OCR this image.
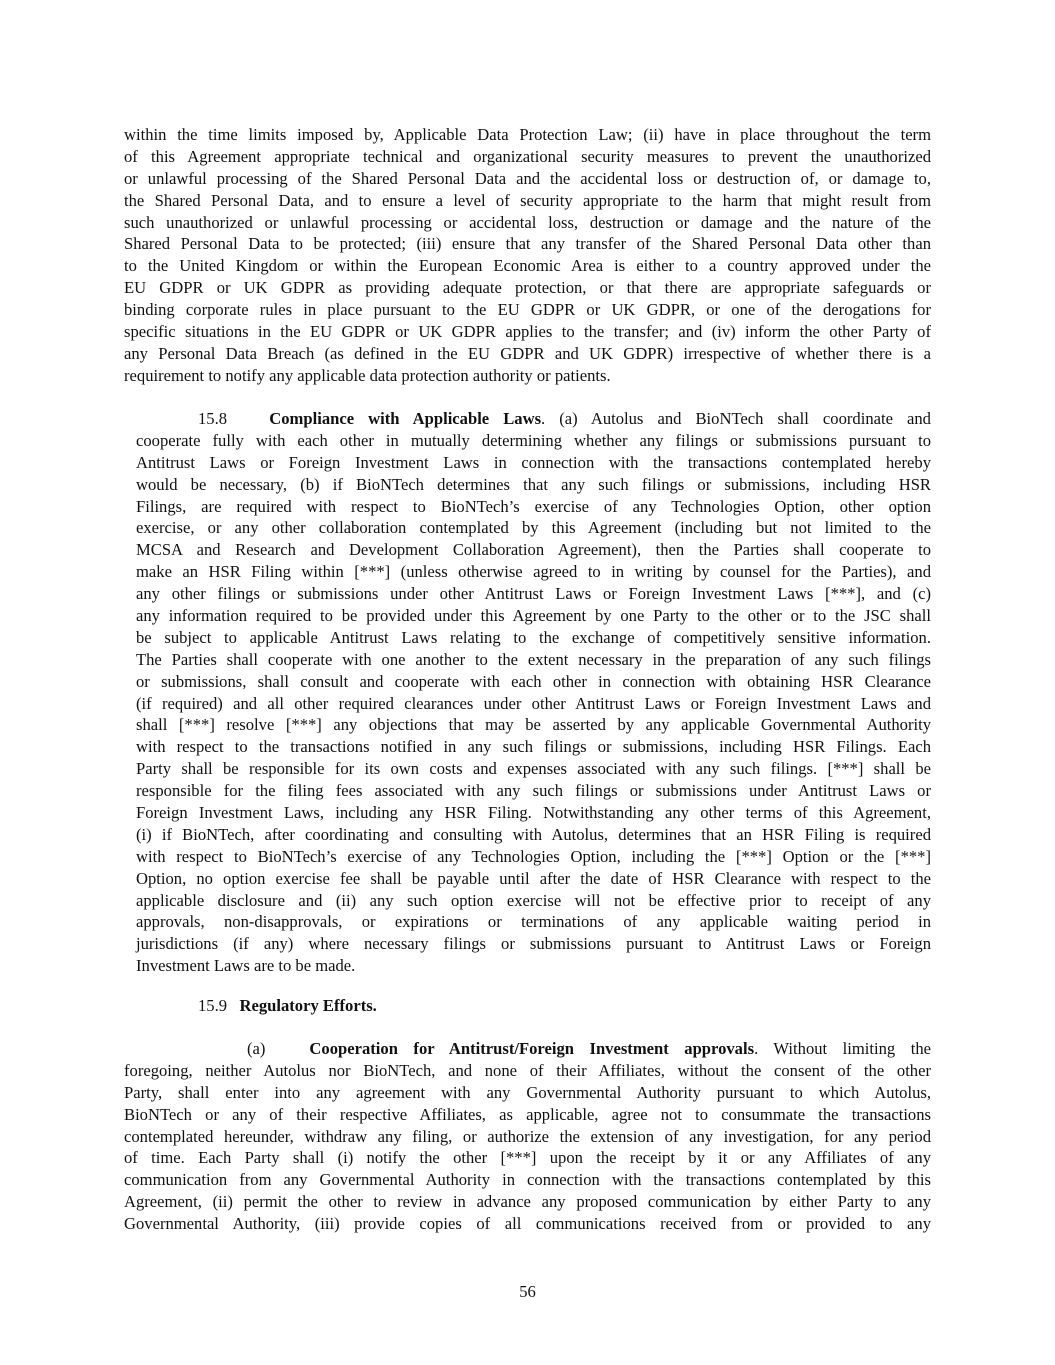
within the time limits imposed by, Applicable Data Protection Law; (ii) have in place throughout the term
of this Agreement appropriate technical and organizational security measures to prevent the unauthorized
or unlawful processing of the Shared Personal Data and the accidental loss or destruction of, or damage to,
the Shared Personal Data, and to ensure a level of security appropriate to the harm that might result from
such unauthorized or unlawful processing or accidental loss, destruction or damage and the nature of the
Shared Personal Data to be protected; (iii) ensure that any transfer of the Shared Personal Data other than
to the United Kingdom or within the European Economic Area is either to a country approved under the
EU GDPR or UK GDPR as providing adequate protection, or that there are appropriate safeguards or
binding corporate rules in place pursuant to the EU GDPR or UK GDPR, or one of the derogations for
specific situations in the EU GDPR or UK GDPR applies to the transfer; and (iv) inform the other Party of
any Personal Data Breach (as defined in the EU GDPR and UK GDPR) irrespective of whether there is a
requirement to notify any applicable data protection authority or patients.
15.8	Compliance with Applicable Laws. (a) Autolus and BioNTech shall coordinate and
cooperate fully with each other in mutually determining whether any filings or submissions pursuant to
Antitrust Laws or Foreign Investment Laws in connection with the transactions contemplated hereby
would be necessary, (b) if BioNTech determines that any such filings or submissions, including HSR
Filings, are required with respect to BioNTech’s exercise of any Technologies Option, other option
exercise, or any other collaboration contemplated by this Agreement (including but not limited to the
MCSA and Research and Development Collaboration Agreement), then the Parties shall cooperate to
make an HSR Filing within [***] (unless otherwise agreed to in writing by counsel for the Parties), and
any other filings or submissions under other Antitrust Laws or Foreign Investment Laws [***], and (c)
any information required to be provided under this Agreement by one Party to the other or to the JSC shall
be subject to applicable Antitrust Laws relating to the exchange of competitively sensitive information.
The Parties shall cooperate with one another to the extent necessary in the preparation of any such filings
or submissions, shall consult and cooperate with each other in connection with obtaining HSR Clearance
(if required) and all other required clearances under other Antitrust Laws or Foreign Investment Laws and
shall [***] resolve [***] any objections that may be asserted by any applicable Governmental Authority
with respect to the transactions notified in any such filings or submissions, including HSR Filings. Each
Party shall be responsible for its own costs and expenses associated with any such filings. [***] shall be
responsible for the filing fees associated with any such filings or submissions under Antitrust Laws or
Foreign Investment Laws, including any HSR Filing. Notwithstanding any other terms of this Agreement,
(i) if BioNTech, after coordinating and consulting with Autolus, determines that an HSR Filing is required
with respect to BioNTech’s exercise of any Technologies Option, including the [***] Option or the [***]
Option, no option exercise fee shall be payable until after the date of HSR Clearance with respect to the
applicable disclosure and (ii) any such option exercise will not be effective prior to receipt of any
approvals, non-disapprovals, or expirations or terminations of any applicable waiting period in
jurisdictions (if any) where necessary filings or submissions pursuant to Antitrust Laws or Foreign
Investment Laws are to be made.
15.9 Regulatory Efforts.
(a)	Cooperation for Antitrust/Foreign Investment approvals. Without limiting the
foregoing, neither Autolus nor BioNTech, and none of their Affiliates, without the consent of the other
Party, shall enter into any agreement with any Governmental Authority pursuant to which Autolus,
BioNTech or any of their respective Affiliates, as applicable, agree not to consummate the transactions
contemplated hereunder, withdraw any filing, or authorize the extension of any investigation, for any period
of time. Each Party shall (i) notify the other [***] upon the receipt by it or any Affiliates of any
communication from any Governmental Authority in connection with the transactions contemplated by this
Agreement, (ii) permit the other to review in advance any proposed communication by either Party to any
Governmental Authority, (iii) provide copies of all communications received from or provided to any
56
